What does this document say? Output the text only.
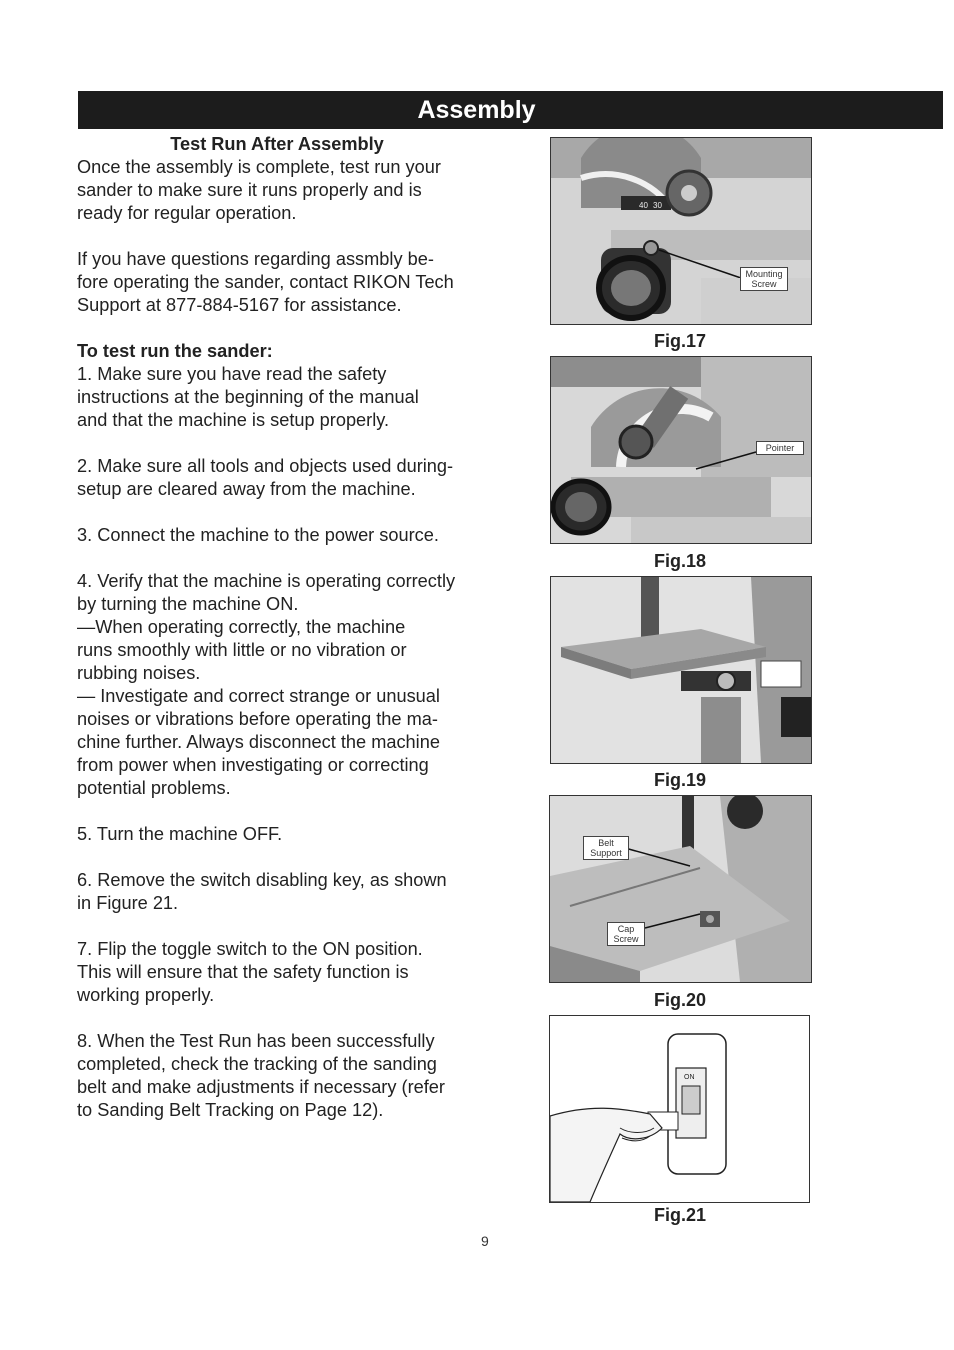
Assembly
Test Run After Assembly

Once the assembly is complete, test run your
sander to make sure it runs properly and is
ready for regular operation.

If you have questions regarding assmbly be-
fore operating the sander, contact RIKON Tech
Support at 877-884-5167 for assistance.

To test run the sander:
1. Make sure you have read the safety
instructions at the beginning of the manual
and that the machine is setup properly.

2. Make sure all tools and objects used during-
setup are cleared away from the machine.

3. Connect the machine to the power source.

4. Verify that the machine is operating correctly
by turning the machine ON.
—When operating correctly, the machine
runs smoothly with little or no vibration or
rubbing noises.
— Investigate and correct strange or unusual
noises or vibrations before operating the ma-
chine further. Always disconnect the machine
from power when investigating or correcting
potential problems.

5. Turn the machine OFF.

6. Remove the switch disabling key, as shown
in Figure 21.

7. Flip the toggle switch to the ON position.
This will ensure that the safety function is
working properly.

8. When the Test Run has been successfully
completed, check the tracking of the sanding
belt and make adjustments if necessary (refer
to Sanding Belt Tracking on Page 12).

40 30
Mounting
Screw
Fig.17
Pointer
Fig.18
Fig.19
Belt
Support
Cap
Screw
Fig.20
ON
Fig.21
9
